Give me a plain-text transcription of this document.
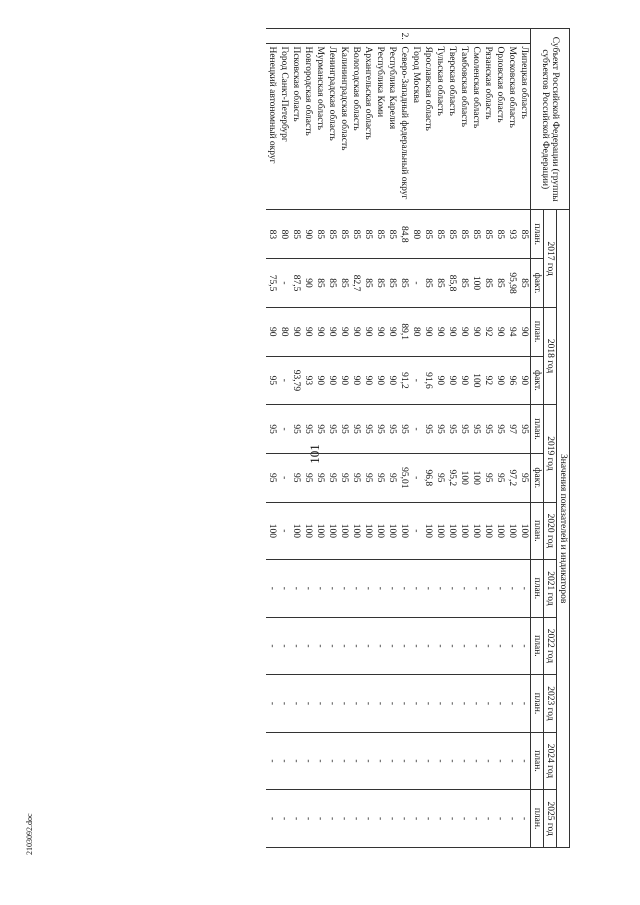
101
2103092.doc
Субъект Российской Федерации (группы субъектов Российской Федерации)		Значения показателей и индикаторов											
		2017 год		2018 год		2019 год		2020 год	2021 год	2022 год	2023 год	2024 год	2025 год
		план.	факт.	план.	факт.	план.	факт.	план.	план.	план.	план.	план.	план.
	Липецкая область	85	85	90	90	95	95	100	-	-	-	-	-
	Московская область	93	95,98	94	96	97	97,2	100	-	-	-	-	-
	Орловская область	85	85	90	90	95	95	100	-	-	-	-	-
	Рязанская область	85	85	92	92	95	95	100	-	-	-	-	-
	Смоленская область	85	100	90	100	95	100	100	-	-	-	-	-
	Тамбовская область	85	85	90	90	95	100	100	-	-	-	-	-
	Тверская область	85	85,8	90	90	95	95,2	100	-	-	-	-	-
	Тульская область	85	85	90	90	95	95	100	-	-	-	-	-
	Ярославская область	85	85	90	91,6	95	96,8	100	-	-	-	-	-
	Город Москва	80	-	80	-	-	-	-	-	-	-	-	-
2.	Северо-Западный федеральный округ	84,8	85	89,1	91,2	95	95,01	100	-	-	-	-	-
	Республика Карелия	85	85	90	90	95	95	100	-	-	-	-	-
	Республика Коми	85	85	90	90	95	95	100	-	-	-	-	-
	Архангельская область	85	85	90	90	95	95	100	-	-	-	-	-
	Вологодская область	85	82,7	90	90	95	95	100	-	-	-	-	-
	Калининградская область	85	85	90	90	95	95	100	-	-	-	-	-
	Ленинградская область	85	85	90	90	95	95	100	-	-	-	-	-
	Мурманская область	85	85	90	90	95	95	100	-	-	-	-	-
	Новгородская область	90	90	90	93	95	95	100	-	-	-	-	-
	Псковская область	85	87,5	90	93,79	95	95	100	-	-	-	-	-
	Город Санкт-Петербург	80	-	80	-	-	-	-	-	-	-	-	-
	Ненецкий автономный округ	83	75,5	90	95	95	95	100	-	-	-	-	-
